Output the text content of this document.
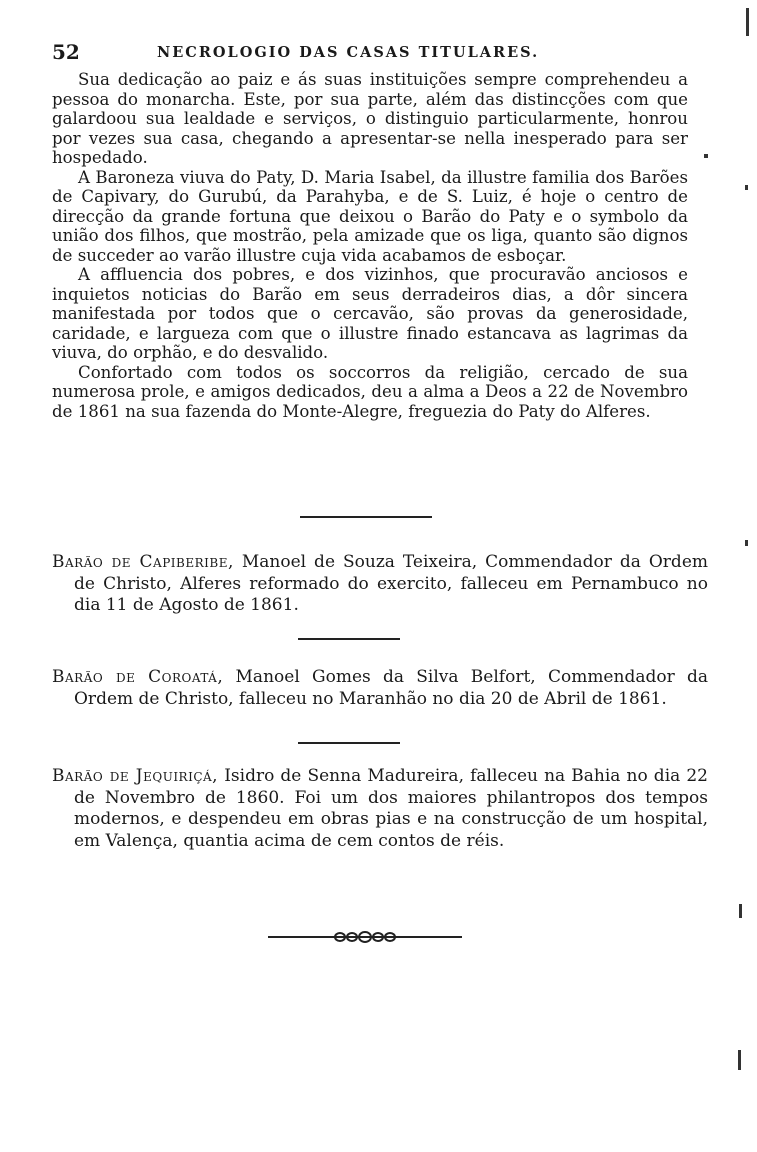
52	NECROLOGIO DAS CASAS TITULARES.

Sua dedicação ao paiz e ás suas instituições sempre comprehendeu a pessoa do monarcha. Este, por sua parte, além das distincções com que galardoou sua lealdade e serviços, o distinguio particularmente, honrou por vezes sua casa, chegando a apresentar-se nella inesperado para ser hospedado.

A Baroneza viuva do Paty, D. Maria Isabel, da illustre familia dos Barões de Capivary, do Gurubú, da Parahyba, e de S. Luiz, é hoje o centro de direcção da grande fortuna que deixou o Barão do Paty e o symbolo da união dos filhos, que mostrão, pela amizade que os liga, quanto são dignos de succeder ao varão illustre cuja vida acabamos de esboçar.

A affluencia dos pobres, e dos vizinhos, que procuravão anciosos e inquietos noticias do Barão em seus derradeiros dias, a dôr sincera manifestada por todos que o cercavão, são provas da generosidade, caridade, e largueza com que o illustre finado estancava as lagrimas da viuva, do orphão, e do desvalido.

Confortado com todos os soccorros da religião, cercado de sua numerosa prole, e amigos dedicados, deu a alma a Deos a 22 de Novembro de 1861 na sua fazenda do Monte-Alegre, freguezia do Paty do Alferes.

Barão de Capiberibe, Manoel de Souza Teixeira, Commendador da Ordem de Christo, Alferes reformado do exercito, falleceu em Pernambuco no dia 11 de Agosto de 1861.
Barão de Coroatá, Manoel Gomes da Silva Belfort, Commendador da Ordem de Christo, falleceu no Maranhão no dia 20 de Abril de 1861.
Barão de Jequiriçá, Isidro de Senna Madureira, falleceu na Bahia no dia 22 de Novembro de 1860. Foi um dos maiores philantropos dos tempos modernos, e despendeu em obras pias e na construcção de um hospital, em Valença, quantia acima de cem contos de réis.
